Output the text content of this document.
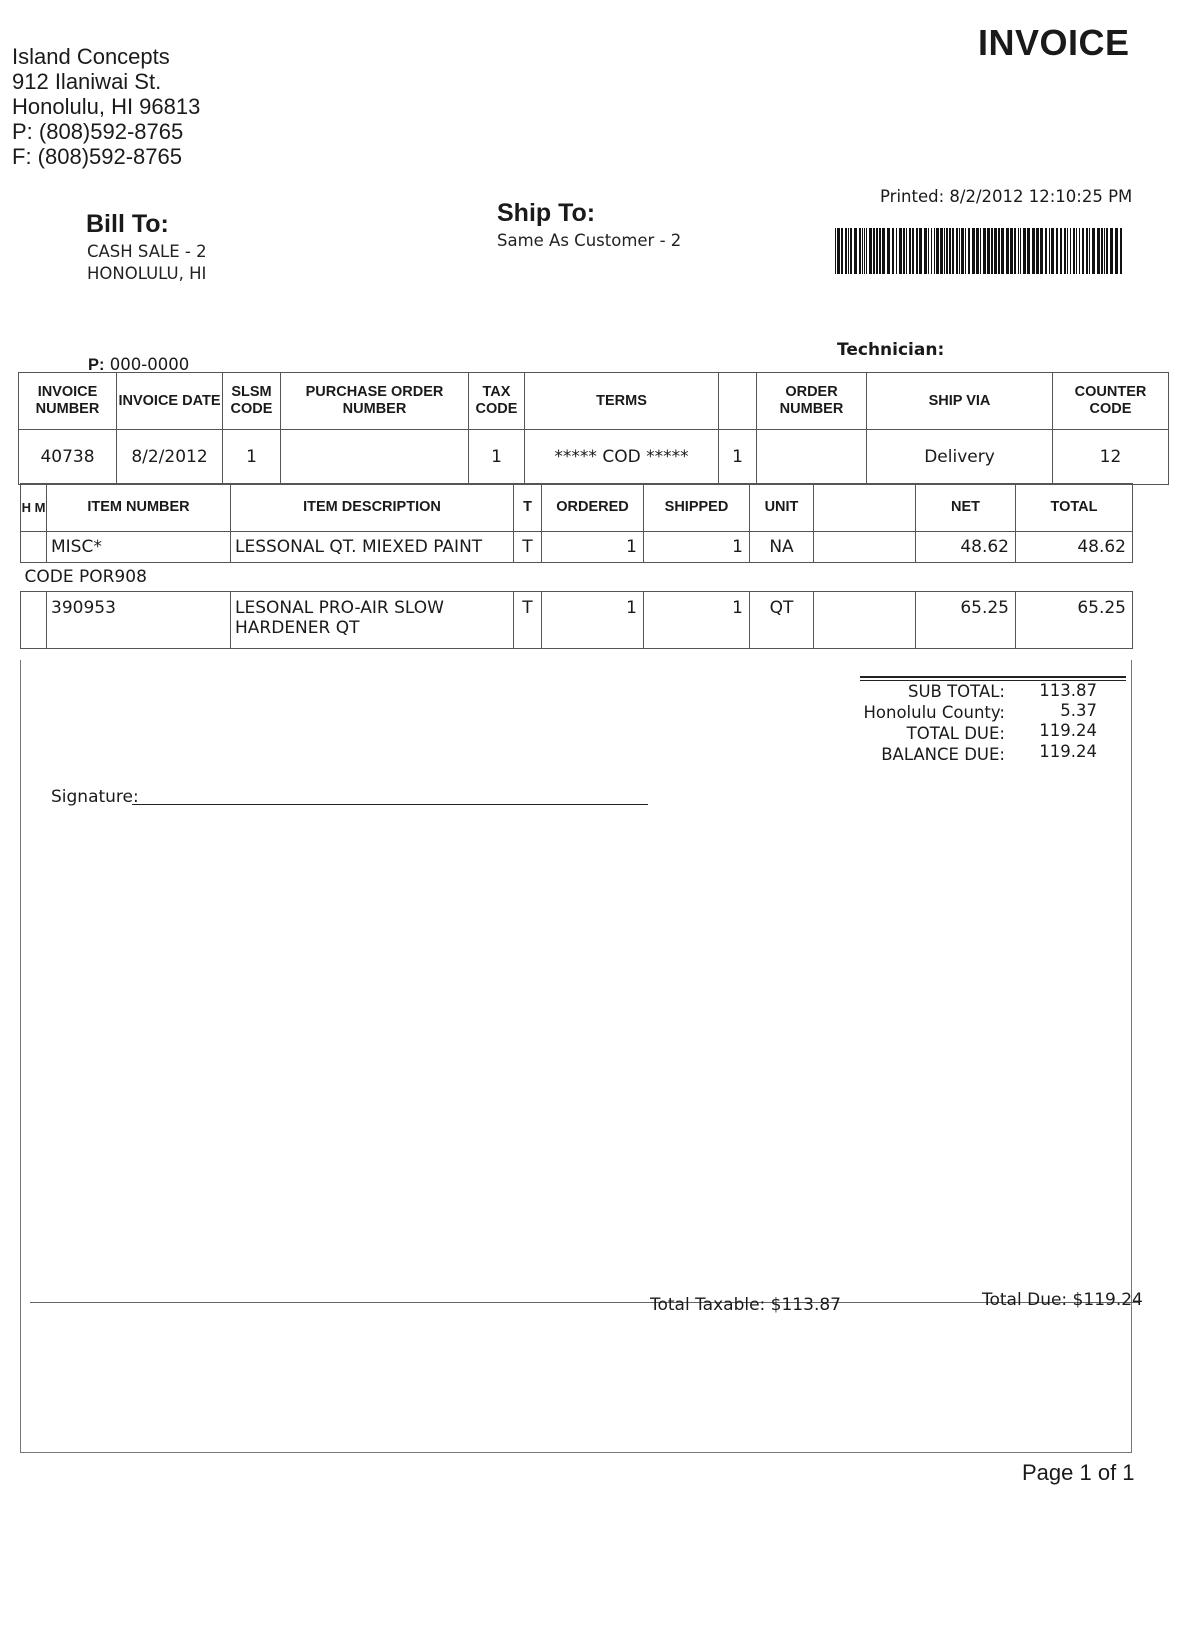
Island Concepts
912 Ilaniwai St.
Honolulu, HI 96813
P: (808)592-8765
F: (808)592-8765
INVOICE
Bill To:
CASH SALE - 2
HONOLULU, HI
Ship To:
Same As Customer - 2
Printed: 8/2/2012 12:10:25 PM
P: 000-0000
Technician:
INVOICE NUMBER	INVOICE DATE	SLSM CODE	PURCHASE ORDER NUMBER	TAX CODE	TERMS		ORDER NUMBER	SHIP VIA	COUNTER CODE
40738	8/2/2012	1		1	***** COD *****	1		Delivery	12
H M	ITEM NUMBER	ITEM DESCRIPTION	T	ORDERED	SHIPPED	UNIT		NET	TOTAL
	MISC*	LESSONAL QT. MIEXED PAINT	T	1	1	NA		48.62	48.62
CODE POR908									
	390953	LESONAL PRO-AIR SLOW HARDENER QT	T	1	1	QT		65.25	65.25
SUB TOTAL:	113.87
Honolulu County:	5.37
TOTAL DUE:	119.24
BALANCE DUE:	119.24
Signature:
Total Taxable: $113.87	Total Due: $119.24
Page 1 of 1
